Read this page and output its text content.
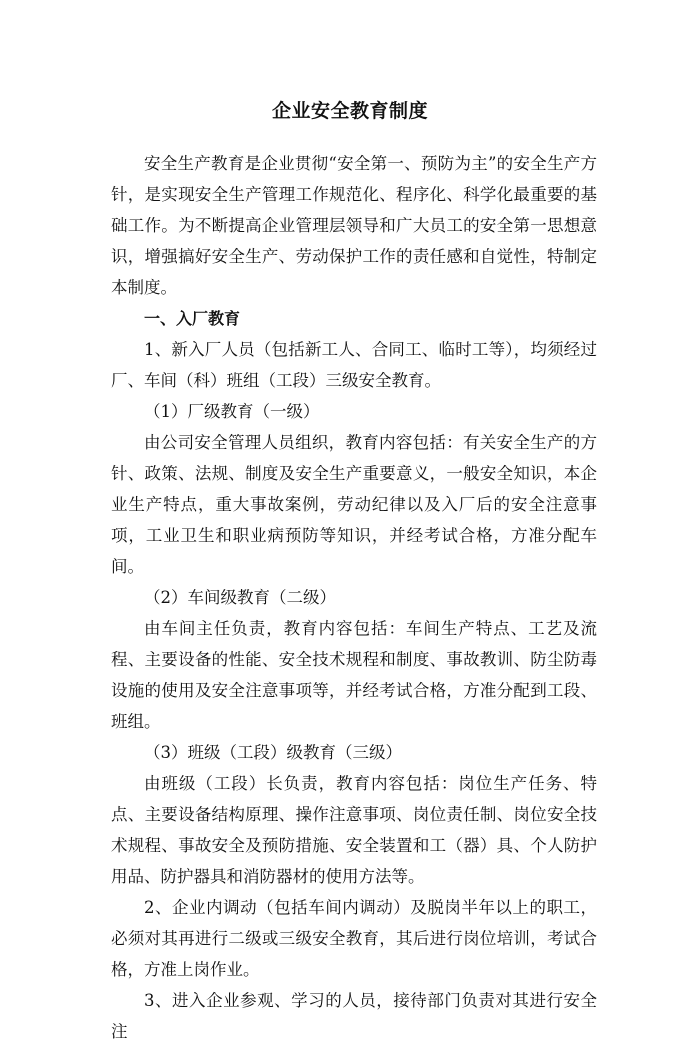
企业安全教育制度

安全生产教育是企业贯彻“安全第一、预防为主”的安全生产方针，是实现安全生产管理工作规范化、程序化、科学化最重要的基础工作。为不断提高企业管理层领导和广大员工的安全第一思想意识，增强搞好安全生产、劳动保护工作的责任感和自觉性，特制定本制度。

一、入厂教育

1、新入厂人员（包括新工人、合同工、临时工等），均须经过厂、车间（科）班组（工段）三级安全教育。

（1）厂级教育（一级）

由公司安全管理人员组织，教育内容包括：有关安全生产的方针、政策、法规、制度及安全生产重要意义，一般安全知识，本企业生产特点，重大事故案例，劳动纪律以及入厂后的安全注意事项，工业卫生和职业病预防等知识，并经考试合格，方准分配车间。

（2）车间级教育（二级）

由车间主任负责，教育内容包括：车间生产特点、工艺及流程、主要设备的性能、安全技术规程和制度、事故教训、防尘防毒设施的使用及安全注意事项等，并经考试合格，方准分配到工段、班组。

（3）班级（工段）级教育（三级）

由班级（工段）长负责，教育内容包括：岗位生产任务、特点、主要设备结构原理、操作注意事项、岗位责任制、岗位安全技术规程、事故安全及预防措施、安全装置和工（器）具、个人防护用品、防护器具和消防器材的使用方法等。

2、企业内调动（包括车间内调动）及脱岗半年以上的职工，必须对其再进行二级或三级安全教育，其后进行岗位培训，考试合格，方准上岗作业。

3、进入企业参观、学习的人员，接待部门负责对其进行安全注
